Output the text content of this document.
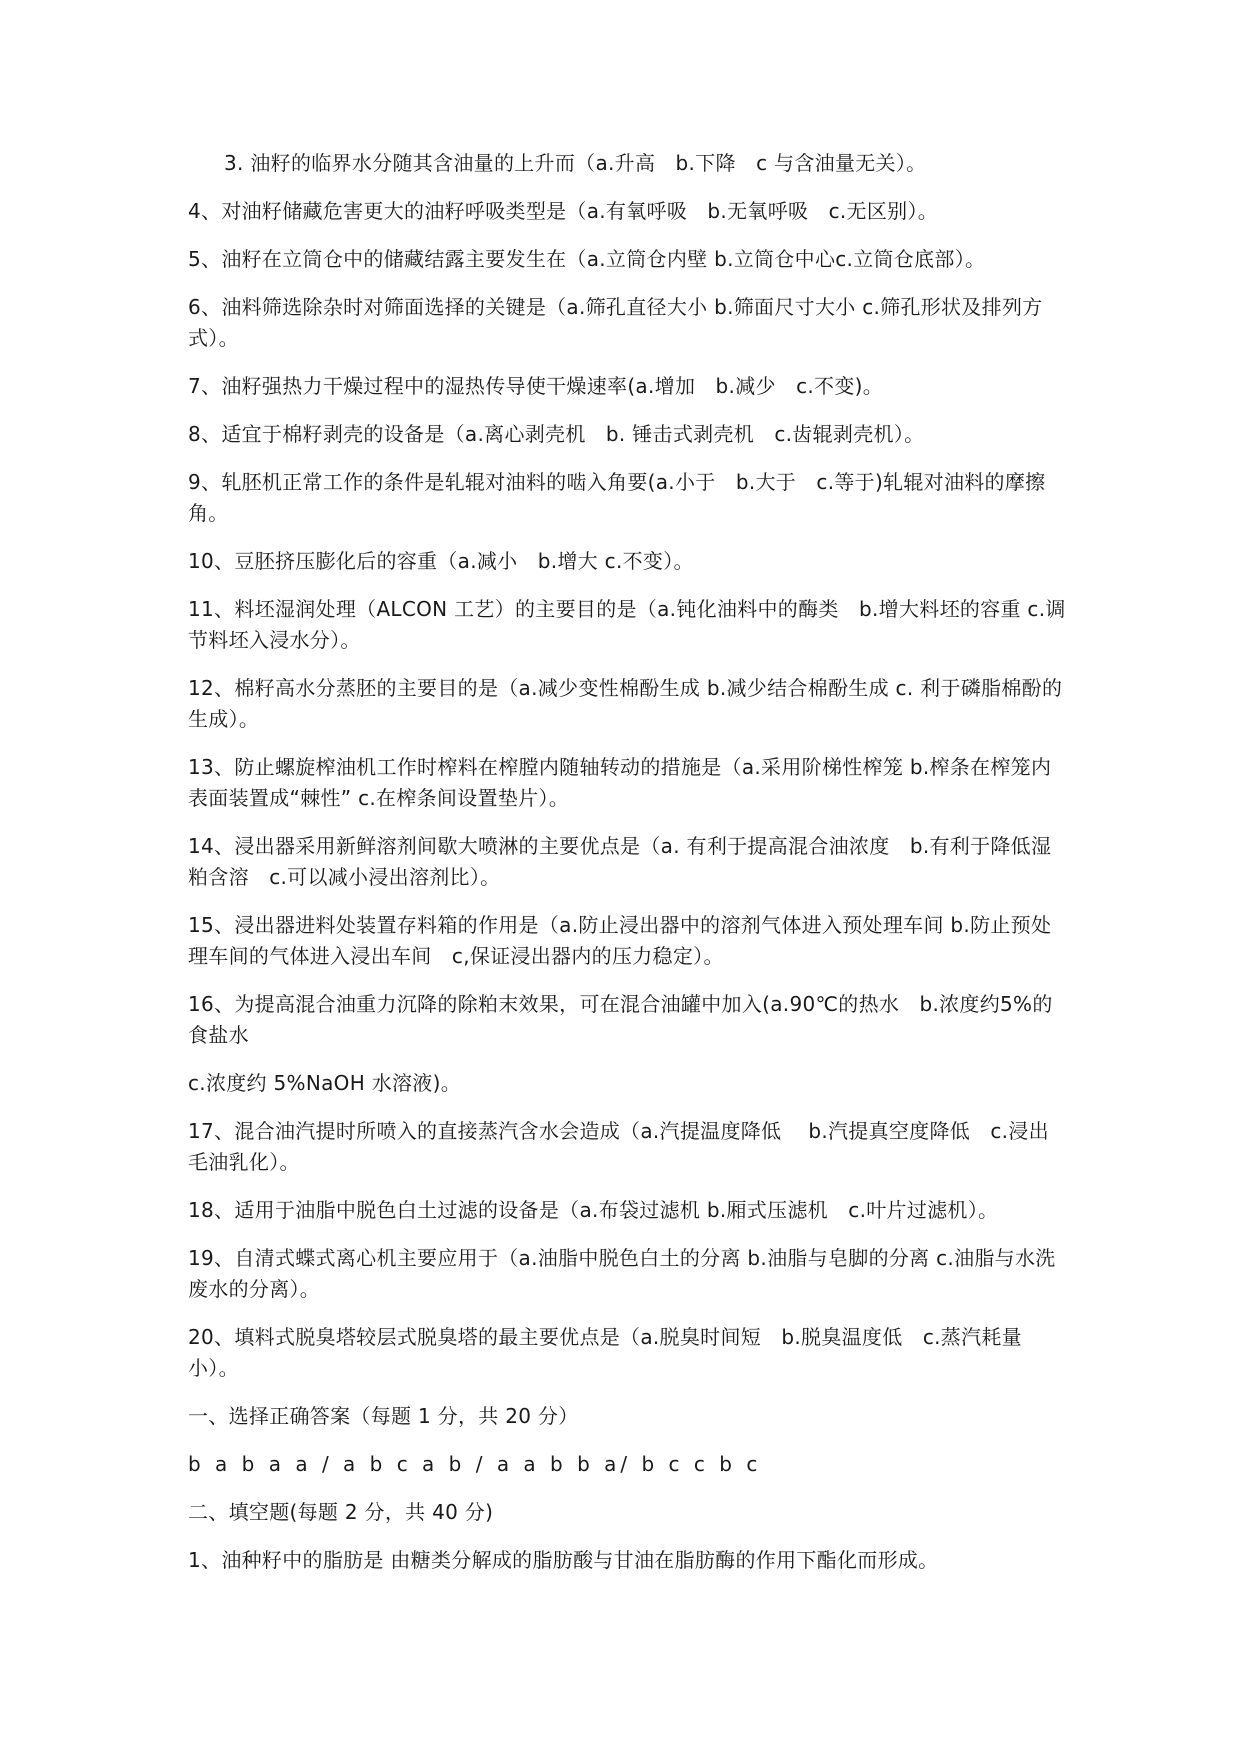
3. 油籽的临界水分随其含油量的上升而（a.升高　b.下降　c 与含油量无关）。

4、对油籽储藏危害更大的油籽呼吸类型是（a.有氧呼吸　b.无氧呼吸　c.无区别）。

5、油籽在立筒仓中的储藏结露主要发生在（a.立筒仓内壁 b.立筒仓中心c.立筒仓底部）。

6、油料筛选除杂时对筛面选择的关键是（a.筛孔直径大小 b.筛面尺寸大小 c.筛孔形状及排列方式）。

7、油籽强热力干燥过程中的湿热传导使干燥速率(a.增加　b.减少　c.不变)。

8、适宜于棉籽剥壳的设备是（a.离心剥壳机　b. 锤击式剥壳机　c.齿辊剥壳机）。

9、轧胚机正常工作的条件是轧辊对油料的啮入角要(a.小于　b.大于　c.等于)轧辊对油料的摩擦角。

10、豆胚挤压膨化后的容重（a.减小　b.增大 c.不变）。

11、料坯湿润处理（ALCON 工艺）的主要目的是（a.钝化油料中的酶类　b.增大料坯的容重 c.调节料坯入浸水分）。

12、棉籽高水分蒸胚的主要目的是（a.减少变性棉酚生成 b.减少结合棉酚生成 c. 利于磷脂棉酚的生成）。

13、防止螺旋榨油机工作时榨料在榨膛内随轴转动的措施是（a.采用阶梯性榨笼 b.榨条在榨笼内表面装置成“棘性” c.在榨条间设置垫片）。

14、浸出器采用新鲜溶剂间歇大喷淋的主要优点是（a. 有利于提高混合油浓度　b.有利于降低湿粕含溶　c.可以减小浸出溶剂比）。

15、浸出器进料处装置存料箱的作用是（a.防止浸出器中的溶剂气体进入预处理车间 b.防止预处理车间的气体进入浸出车间　c,保证浸出器内的压力稳定）。

16、为提高混合油重力沉降的除粕末效果，可在混合油罐中加入(a.90℃的热水　b.浓度约5%的食盐水

c.浓度约 5%NaOH 水溶液)。

17、混合油汽提时所喷入的直接蒸汽含水会造成（a.汽提温度降低　 b.汽提真空度降低　c.浸出毛油乳化）。

18、适用于油脂中脱色白土过滤的设备是（a.布袋过滤机 b.厢式压滤机　c.叶片过滤机）。

19、自清式蝶式离心机主要应用于（a.油脂中脱色白土的分离 b.油脂与皂脚的分离 c.油脂与水洗废水的分离）。

20、填料式脱臭塔较层式脱臭塔的最主要优点是（a.脱臭时间短　b.脱臭温度低　c.蒸汽耗量小）。

一、选择正确答案（每题 1 分，共 20 分）

b a b a a / a b c a b / a a b b a/ b c c b c

二、填空题(每题 2 分，共 40 分)

1、油种籽中的脂肪是 由糖类分解成的脂肪酸与甘油在脂肪酶的作用下酯化而形成。
